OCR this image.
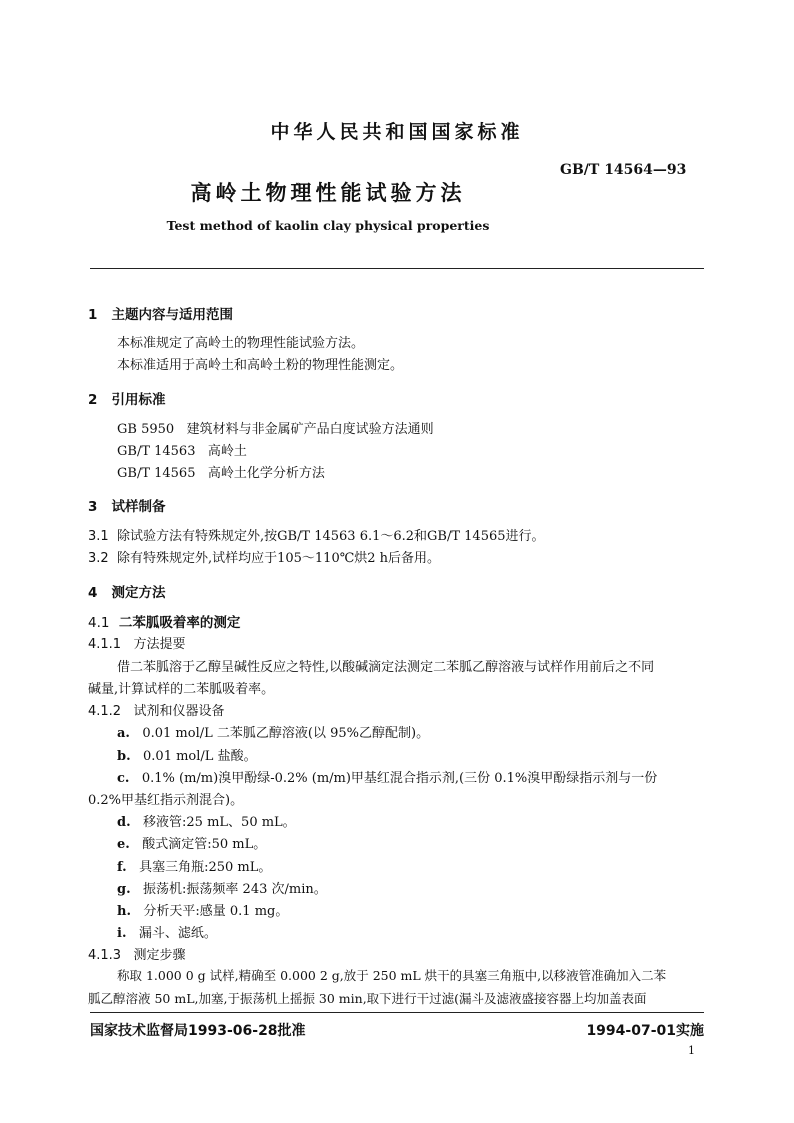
中华人民共和国国家标准
GB/T 14564—93
高岭土物理性能试验方法
Test method of kaolin clay physical properties
1 主题内容与适用范围
本标准规定了高岭土的物理性能试验方法。
本标准适用于高岭土和高岭土粉的物理性能测定。
2 引用标准
GB 5950 建筑材料与非金属矿产品白度试验方法通则
GB/T 14563 高岭土
GB/T 14565 高岭土化学分析方法
3 试样制备
3.1 除试验方法有特殊规定外,按GB/T 14563 6.1～6.2和GB/T 14565进行。
3.2 除有特殊规定外,试样均应于105～110℃烘2 h后备用。
4 测定方法
4.1 二苯胍吸着率的测定
4.1.1 方法提要
借二苯胍溶于乙醇呈碱性反应之特性,以酸碱滴定法测定二苯胍乙醇溶液与试样作用前后之不同
碱量,计算试样的二苯胍吸着率。
4.1.2 试剂和仪器设备
a. 0.01 mol/L 二苯胍乙醇溶液(以 95%乙醇配制)。
b. 0.01 mol/L 盐酸。
c. 0.1% (m/m)溴甲酚绿-0.2% (m/m)甲基红混合指示剂,(三份 0.1%溴甲酚绿指示剂与一份
0.2%甲基红指示剂混合)。
d. 移液管:25 mL、50 mL。
e. 酸式滴定管:50 mL。
f. 具塞三角瓶:250 mL。
g. 振荡机:振荡频率 243 次/min。
h. 分析天平:感量 0.1 mg。
i. 漏斗、滤纸。
4.1.3 测定步骤
称取 1.000 0 g 试样,精确至 0.000 2 g,放于 250 mL 烘干的具塞三角瓶中,以移液管准确加入二苯
胍乙醇溶液 50 mL,加塞,于振荡机上摇振 30 min,取下进行干过滤(漏斗及滤液盛接容器上均加盖表面
国家技术监督局1993-06-28批准	1994-07-01实施
1
